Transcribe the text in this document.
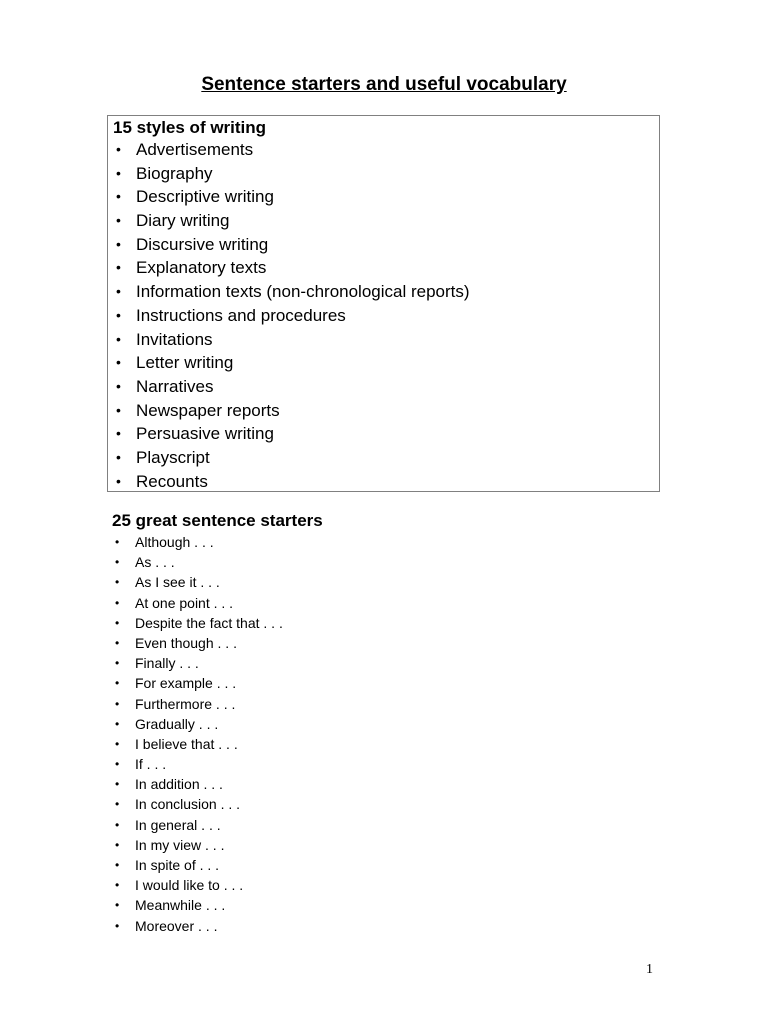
Sentence starters and useful vocabulary
15 styles of writing
• Advertisements
• Biography
• Descriptive writing
• Diary writing
• Discursive writing
• Explanatory texts
• Information texts (non-chronological reports)
• Instructions and procedures
• Invitations
• Letter writing
• Narratives
• Newspaper reports
• Persuasive writing
• Playscript
• Recounts
25 great sentence starters
• Although . . .
• As . . .
• As I see it . . .
• At one point . . .
• Despite the fact that . . .
• Even though . . .
• Finally . . .
• For example . . .
• Furthermore . . .
• Gradually . . .
• I believe that . . .
• If . . .
• In addition . . .
• In conclusion . . .
• In general . . .
• In my view . . .
• In spite of . . .
• I would like to . . .
• Meanwhile . . .
• Moreover . . .
1
